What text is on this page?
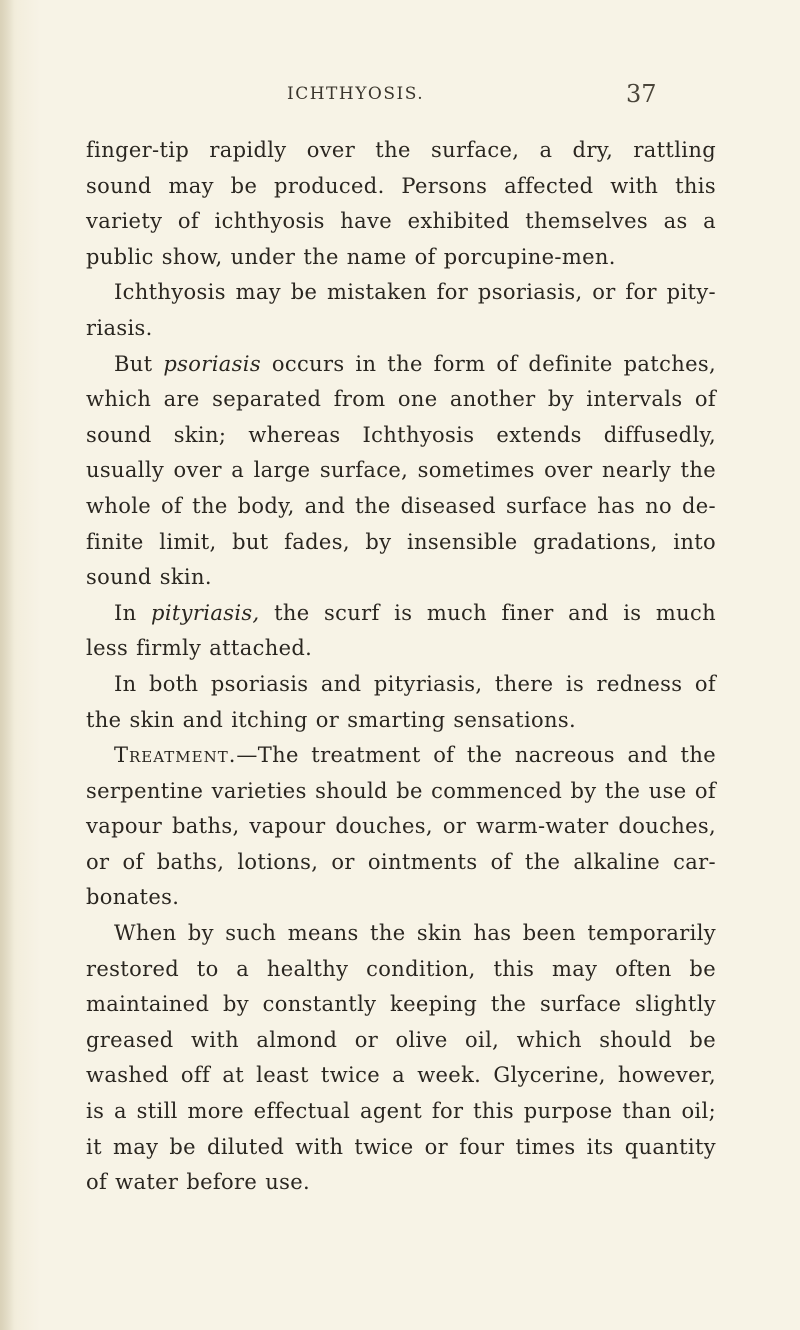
ICHTHYOSIS.	37
finger-tip rapidly over the surface, a dry, rattling
sound may be produced. Persons affected with this
variety of ichthyosis have exhibited themselves as a
public show, under the name of porcupine-men.
Ichthyosis may be mistaken for psoriasis, or for pity-
riasis.
But psoriasis occurs in the form of definite patches,
which are separated from one another by intervals of
sound skin; whereas Ichthyosis extends diffusedly,
usually over a large surface, sometimes over nearly the
whole of the body, and the diseased surface has no de-
finite limit, but fades, by insensible gradations, into
sound skin.
In pityriasis, the scurf is much finer and is much
less firmly attached.
In both psoriasis and pityriasis, there is redness of
the skin and itching or smarting sensations.
Treatment.—The treatment of the nacreous and the
serpentine varieties should be commenced by the use of
vapour baths, vapour douches, or warm-water douches,
or of baths, lotions, or ointments of the alkaline car-
bonates.
When by such means the skin has been temporarily
restored to a healthy condition, this may often be
maintained by constantly keeping the surface slightly
greased with almond or olive oil, which should be
washed off at least twice a week. Glycerine, however,
is a still more effectual agent for this purpose than oil;
it may be diluted with twice or four times its quantity
of water before use.
